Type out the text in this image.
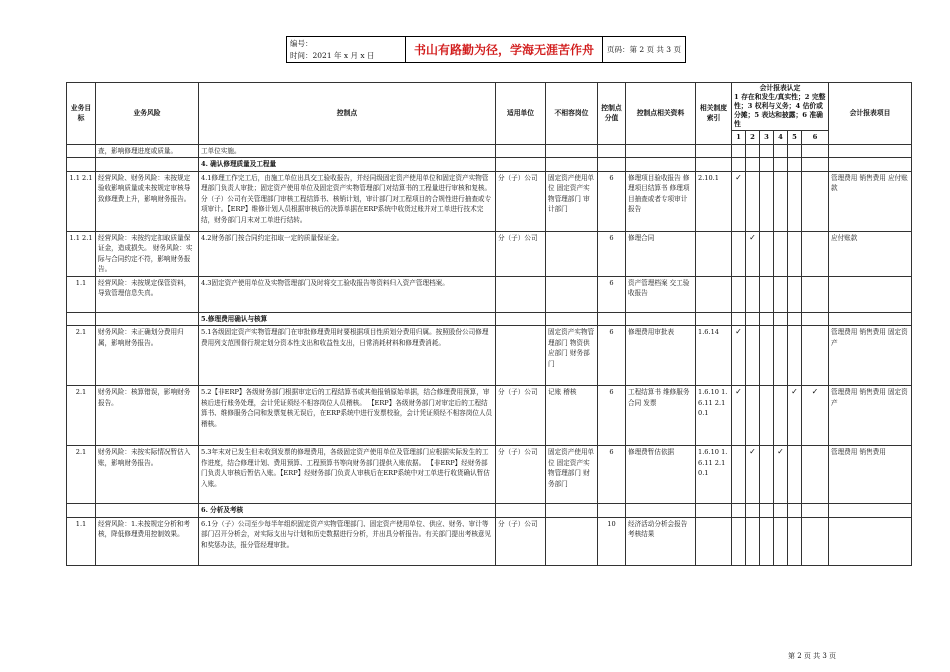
编号：
时间：2021 年 x 月 x 日	书山有路勤为径，学海无涯苦作舟	页码：第 2 页 共 3 页
业务目标	业务风险	控制点	适用单位	不相容岗位	控制点分值	控制点相关资料	相关制度索引	会计报表认定
1 存在和发生/真实性；2 完整性；3 权利与义务；4 估价或分摊；5 表达和披露；6 准确性						会计报表项目
								1	2	3	4	5	6	
	查，影响修理进度或质量。	工单位实施。												
		4. 确认修理质量及工程量												
1.1 2.1	经营风险、财务风险：未按规定验收影响质量或未按规定审核导致修理费上升，影响财务报告。	4.1修理工作完工后，由施工单位出具交工验收报告，并经同级固定资产使用单位和固定资产实物管理部门负责人审批；固定资产使用单位及固定资产实物管理部门对结算书的工程量进行审核和复核。分（子）公司有关管理部门审核工程结算书、核销计划，审计部门对工程项目的合规性进行抽查或专项审计。【ERP】维修计划人员根据审核后的决算单据在ERP系统中收货过账并对工单进行技术完结，财务部门月末对工单进行结转。	分（子）公司	固定资产使用单位 固定资产实物管理部门 审计部门	6	修理项目验收报告 修理项目结算书 修理项目抽查或者专项审计报告	2.10.1	✓						管理费用 销售费用 应付账款
1.1 2.1	经营风险：未按约定扣取质量保证金，造成损失。 财务风险：实际与合同约定不符，影响财务报告。	4.2财务部门按合同约定扣取一定的质量保证金。	分（子）公司		6	修理合同			✓					应付账款
1.1	经营风险：未按规定保管资料，导致管理信息失真。	4.3固定资产使用单位及实物管理部门及时将交工验收报告等资料归入资产管理档案。			6	资产管理档案 交工验收报告								
		5.修理费用确认与核算												
2.1	财务风险：未正确划分费用归属，影响财务报告。	5.1各级固定资产实物管理部门在审批修理费用时要根据项目性质划分费用归属。按照股份公司修理费用列支范围督行规定划分资本性支出和收益性支出，日常消耗材料和修理费消耗。		固定资产实物管理部门 物资供应部门 财务部门	6	修理费用审批表	1.6.14	✓						管理费用 销售费用 固定资产
2.1	财务风险：核算错误，影响财务报告。	5.2【非ERP】各级财务部门根据审定后的工程结算书或其他报销原始单据，结合修理费用预算，审核后进行账务处理，会计凭证须经不相容岗位人员稽核。 【ERP】各级财务部门对审定后的工程结算书、维修服务合同和发票复核无误后，在ERP系统中进行发票校验，会计凭证须经不相容岗位人员稽核。	分（子）公司	记账 稽核	6	工程结算书 维修服务合同 发票	1.6.10 1.6.11 2.10.1	✓				✓	✓	管理费用 销售费用 固定资产
2.1	财务风险：未按实际情况暂估入账，影响财务报告。	5.3年末对已发生但未收到发票的修理费用，各级固定资产使用单位及管理部门应根据实际发生的工作进度，结合修理计划、费用预算、工程预算书等向财务部门提供入账依据。 【非ERP】经财务部门负责人审核后暂估入账。【ERP】经财务部门负责人审核后在ERP系统中对工单进行收货确认暂估入账。	分（子）公司	固定资产使用单位 固定资产实物管理部门 财务部门	6	修理费暂估依据	1.6.10 1.6.11 2.10.1		✓		✓			管理费用 销售费用
		6. 分析及考核												
1.1	经营风险：1.未按规定分析和考核，降低修理费用控制效果。	6.1分（子）公司至少每半年组织固定资产实物管理部门、固定资产使用单位、供应、财务、审计等部门召开分析会，对实际支出与计划和历史数据进行分析，并出具分析报告。有关部门提出考核意见和奖惩办法，报分管经理审批。	分（子）公司		10	经济活动分析会报告 考核结果								
第 2 页 共 3 页
